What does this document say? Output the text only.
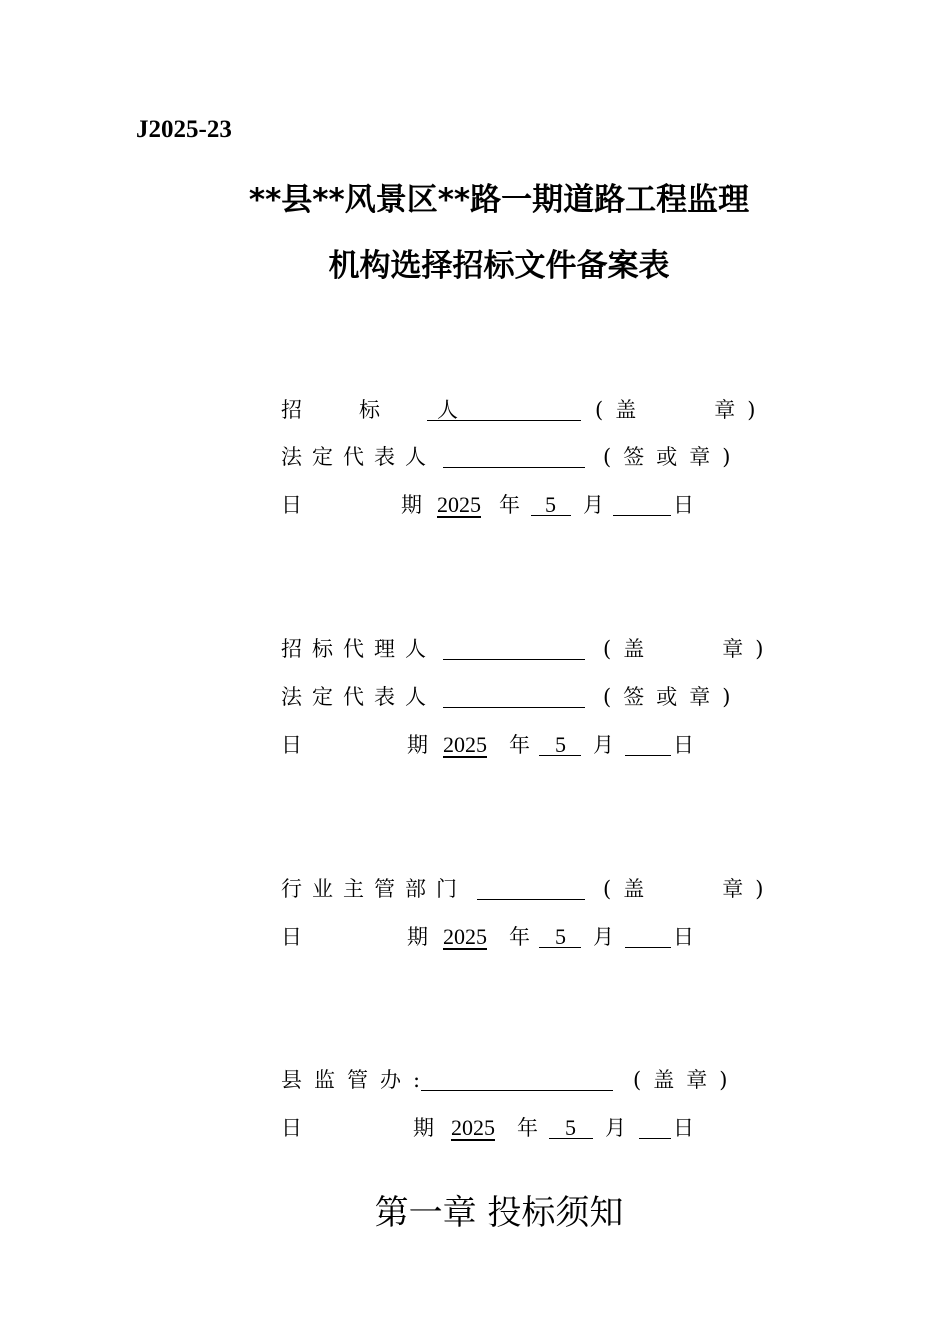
J2025-23
**县**风景区**路一期道路工程监理
机构选择招标文件备案表
招　标　人	(盖　　章)
法定代表人	(签或章)
日	期 2025 年 5 月	日
招标代理人	(盖　　章)
法定代表人	(签或章)
日	期 2025 年 5 月	日
行业主管部门	(盖　　章)
日	期 2025 年 5 月	日
县监管办:	(盖章)
日	期 2025 年 5 月 日
第一章 投标须知
